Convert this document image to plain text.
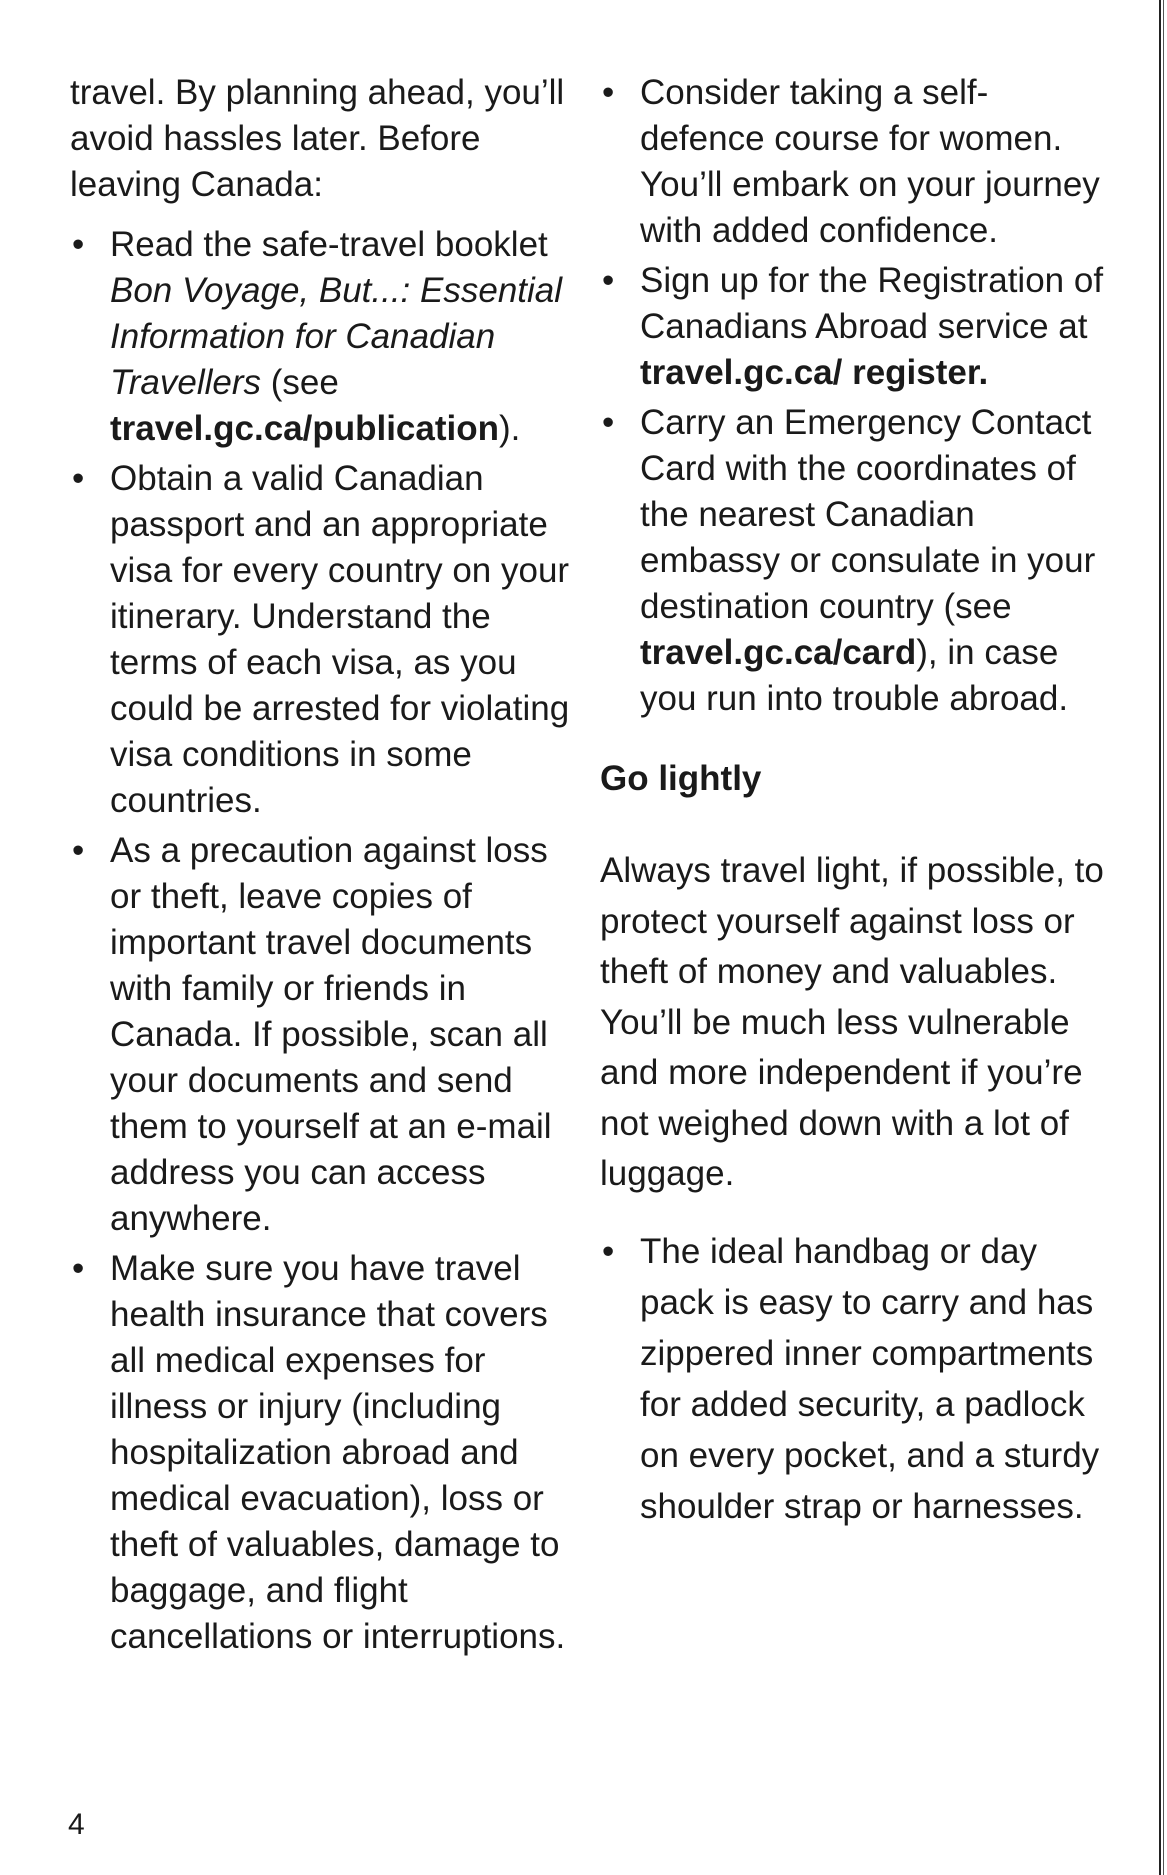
travel. By planning ahead, you’ll avoid hassles later. Before leaving Canada:

• Read the safe-travel booklet Bon Voyage, But...: Essential Information for Canadian Travellers (see travel.gc.ca/publication).
• Obtain a valid Canadian passport and an appropriate visa for every country on your itinerary. Understand the terms of each visa, as you could be arrested for violating visa conditions in some countries.
• As a precaution against loss or theft, leave copies of important travel documents with family or friends in Canada. If possible, scan all your documents and send them to yourself at an e-mail address you can access anywhere.
• Make sure you have travel health insurance that covers all medical expenses for illness or injury (including hospitalization abroad and medical evacuation), loss or theft of valuables, damage to baggage, and flight cancellations or interruptions.
• Consider taking a self-defence course for women. You’ll embark on your journey with added confidence.
• Sign up for the Registration of Canadians Abroad service at travel.gc.ca/ register.
• Carry an Emergency Contact Card with the coordinates of the nearest Canadian embassy or consulate in your destination country (see travel.gc.ca/card), in case you run into trouble abroad.
Go lightly

Always travel light, if possible, to protect yourself against loss or theft of money and valuables. You’ll be much less vulnerable and more independent if you’re not weighed down with a lot of luggage.

• The ideal handbag or day pack is easy to carry and has zippered inner compartments for added security, a padlock on every pocket, and a sturdy shoulder strap or harnesses.
4
